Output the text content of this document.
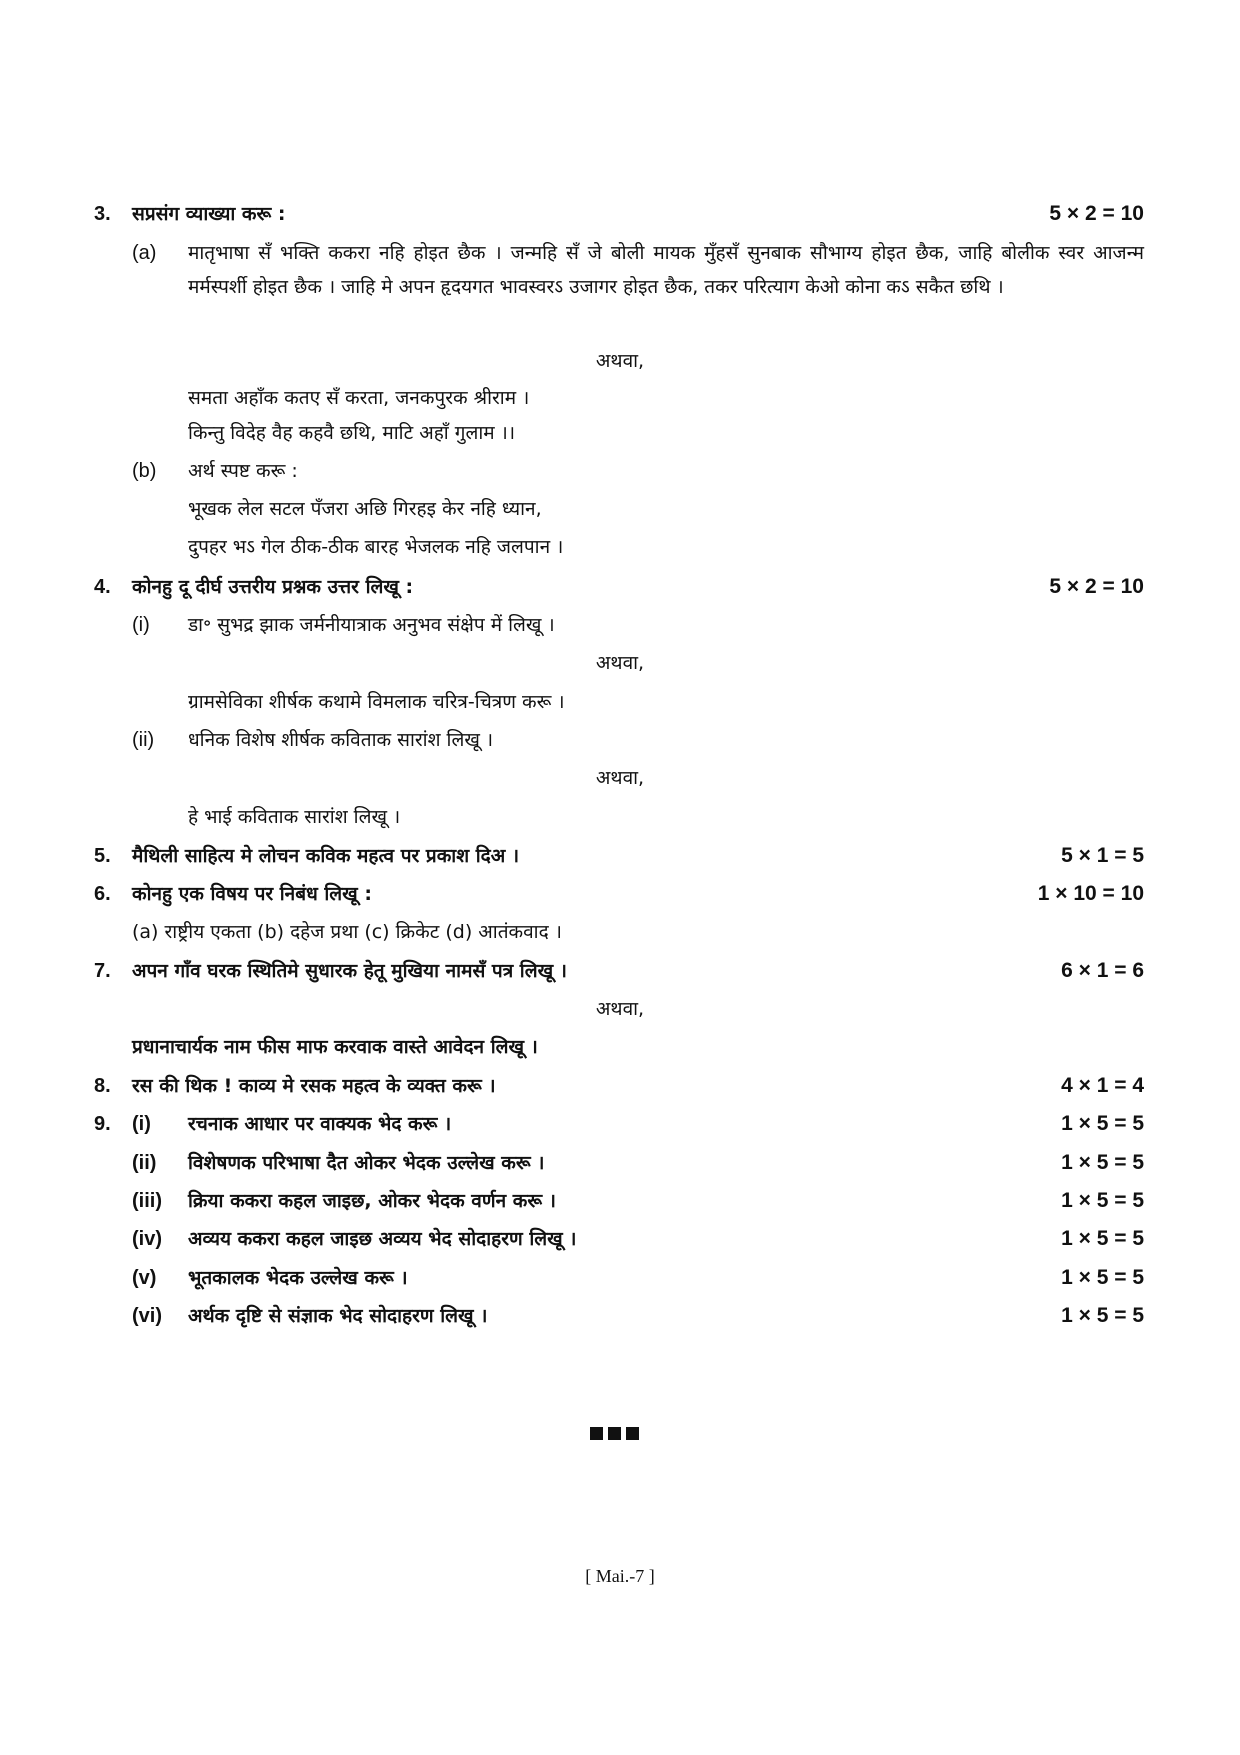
3. सप्रसंग व्याख्या करू :	5 × 2 = 10
(a) मातृभाषा सँ भक्ति ककरा नहि होइत छैक । जन्महि सँ जे बोली मायक मुँहसँ सुनबाक सौभाग्य होइत छैक, जाहि बोलीक स्वर आजन्म मर्मस्पर्शी होइत छैक । जाहि मे अपन हृदयगत भावस्वरऽ उजागर होइत छैक, तकर परित्याग केओ कोना कऽ सकैत छथि ।
अथवा,
समता अहाँक कतए सँ करता, जनकपुरक श्रीराम ।
किन्तु विदेह वैह कहवै छथि, माटि अहाँ गुलाम ।।
(b) अर्थ स्पष्ट करू :
भूखक लेल सटल पँजरा अछि गिरहइ केर नहि ध्यान,
दुपहर भऽ गेल ठीक-ठीक बारह भेजलक नहि जलपान ।
4. कोनहु दू दीर्घ उत्तरीय प्रश्नक उत्तर लिखू :	5 × 2 = 10
(i) डा॰ सुभद्र झाक जर्मनीयात्राक अनुभव संक्षेप में लिखू ।
अथवा,
ग्रामसेविका शीर्षक कथामे विमलाक चरित्र-चित्रण करू ।
(ii) धनिक विशेष शीर्षक कविताक सारांश लिखू ।
अथवा,
हे भाई कविताक सारांश लिखू ।
5. मैथिली साहित्य मे लोचन कविक महत्व पर प्रकाश दिअ ।	5 × 1 = 5
6. कोनहु एक विषय पर निबंध लिखू :	1 × 10 = 10
(a) राष्ट्रीय एकता (b) दहेज प्रथा (c) क्रिकेट (d) आतंकवाद ।
7. अपन गाँव घरक स्थितिमे सुधारक हेतू मुखिया नामसँ पत्र लिखू ।	6 × 1 = 6
अथवा,
प्रधानाचार्यक नाम फीस माफ करवाक वास्ते आवेदन लिखू ।
8. रस की थिक ! काव्य मे रसक महत्व के व्यक्त करू ।	4 × 1 = 4
9. (i) रचनाक आधार पर वाक्यक भेद करू ।	1 × 5 = 5
(ii) विशेषणक परिभाषा दैत ओकर भेदक उल्लेख करू ।	1 × 5 = 5
(iii) क्रिया ककरा कहल जाइछ, ओकर भेदक वर्णन करू ।	1 × 5 = 5
(iv) अव्यय ककरा कहल जाइछ अव्यय भेद सोदाहरण लिखू ।	1 × 5 = 5
(v) भूतकालक भेदक उल्लेख करू ।	1 × 5 = 5
(vi) अर्थक दृष्टि से संज्ञाक भेद सोदाहरण लिखू ।	1 × 5 = 5
[ Mai.-7 ]
